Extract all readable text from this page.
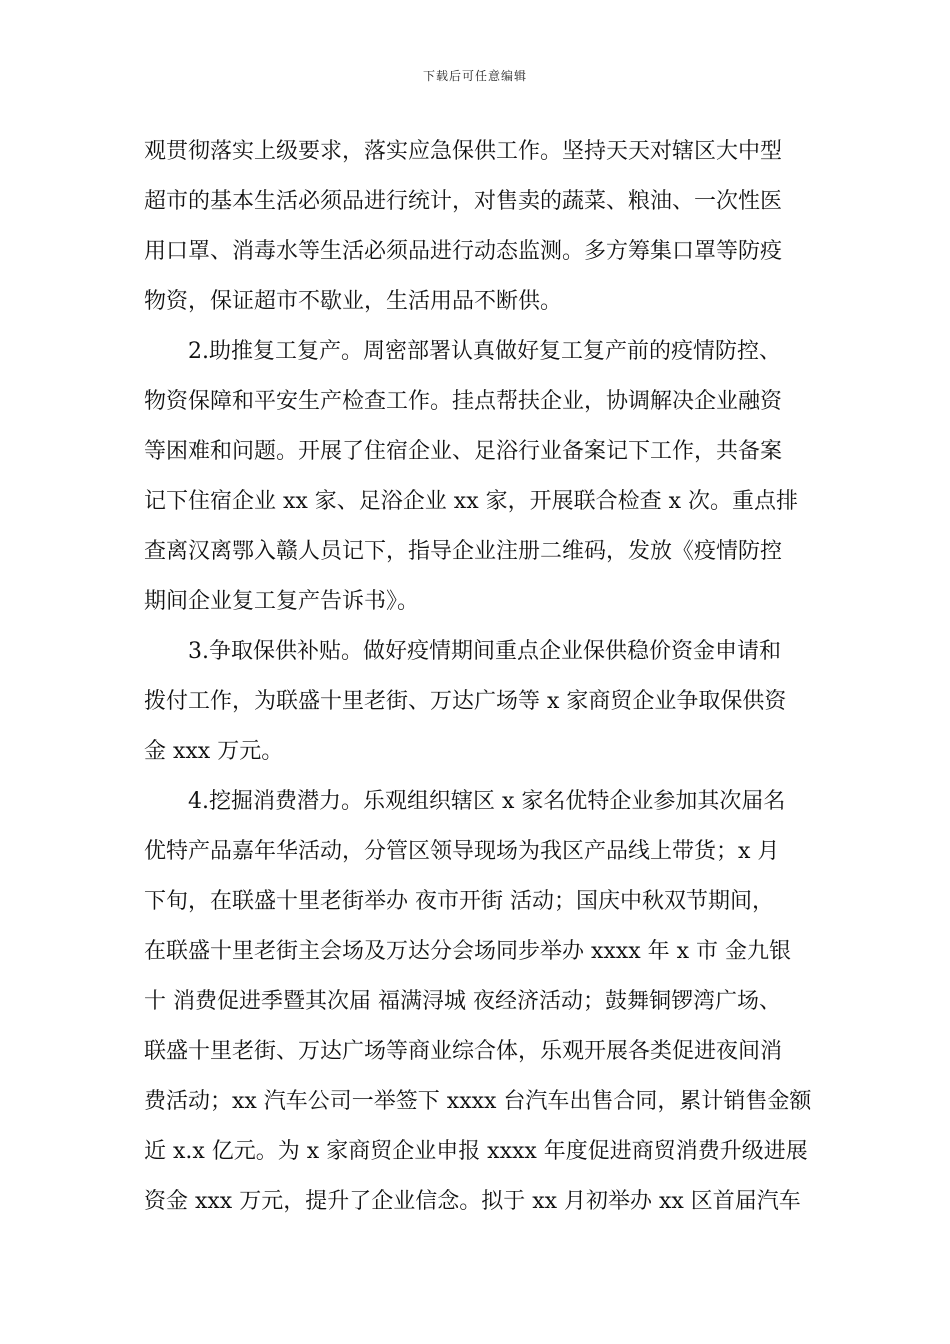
下载后可任意编辑
观贯彻落实上级要求，落实应急保供工作。坚持天天对辖区大中型
超市的基本生活必须品进行统计，对售卖的蔬菜、粮油、一次性医
用口罩、消毒水等生活必须品进行动态监测。多方筹集口罩等防疫
物资，保证超市不歇业，生活用品不断供。
　　2.助推复工复产。周密部署认真做好复工复产前的疫情防控、
物资保障和平安生产检查工作。挂点帮扶企业，协调解决企业融资
等困难和问题。开展了住宿企业、足浴行业备案记下工作，共备案
记下住宿企业 xx 家、足浴企业 xx 家，开展联合检查 x 次。重点排
查离汉离鄂入赣人员记下，指导企业注册二维码，发放《疫情防控
期间企业复工复产告诉书》。
　　3.争取保供补贴。做好疫情期间重点企业保供稳价资金申请和
拨付工作，为联盛十里老街、万达广场等 x 家商贸企业争取保供资
金 xxx 万元。
　　4.挖掘消费潜力。乐观组织辖区 x 家名优特企业参加其次届名
优特产品嘉年华活动，分管区领导现场为我区产品线上带货；x 月
下旬，在联盛十里老街举办 夜市开街 活动；国庆中秋双节期间，
在联盛十里老街主会场及万达分会场同步举办 xxxx 年 x 市 金九银
十 消费促进季暨其次届 福满浔城 夜经济活动；鼓舞铜锣湾广场、
联盛十里老街、万达广场等商业综合体，乐观开展各类促进夜间消
费活动；xx 汽车公司一举签下 xxxx 台汽车出售合同，累计销售金额
近 x.x 亿元。为 x 家商贸企业申报 xxxx 年度促进商贸消费升级进展
资金 xxx 万元，提升了企业信念。拟于 xx 月初举办 xx 区首届汽车
